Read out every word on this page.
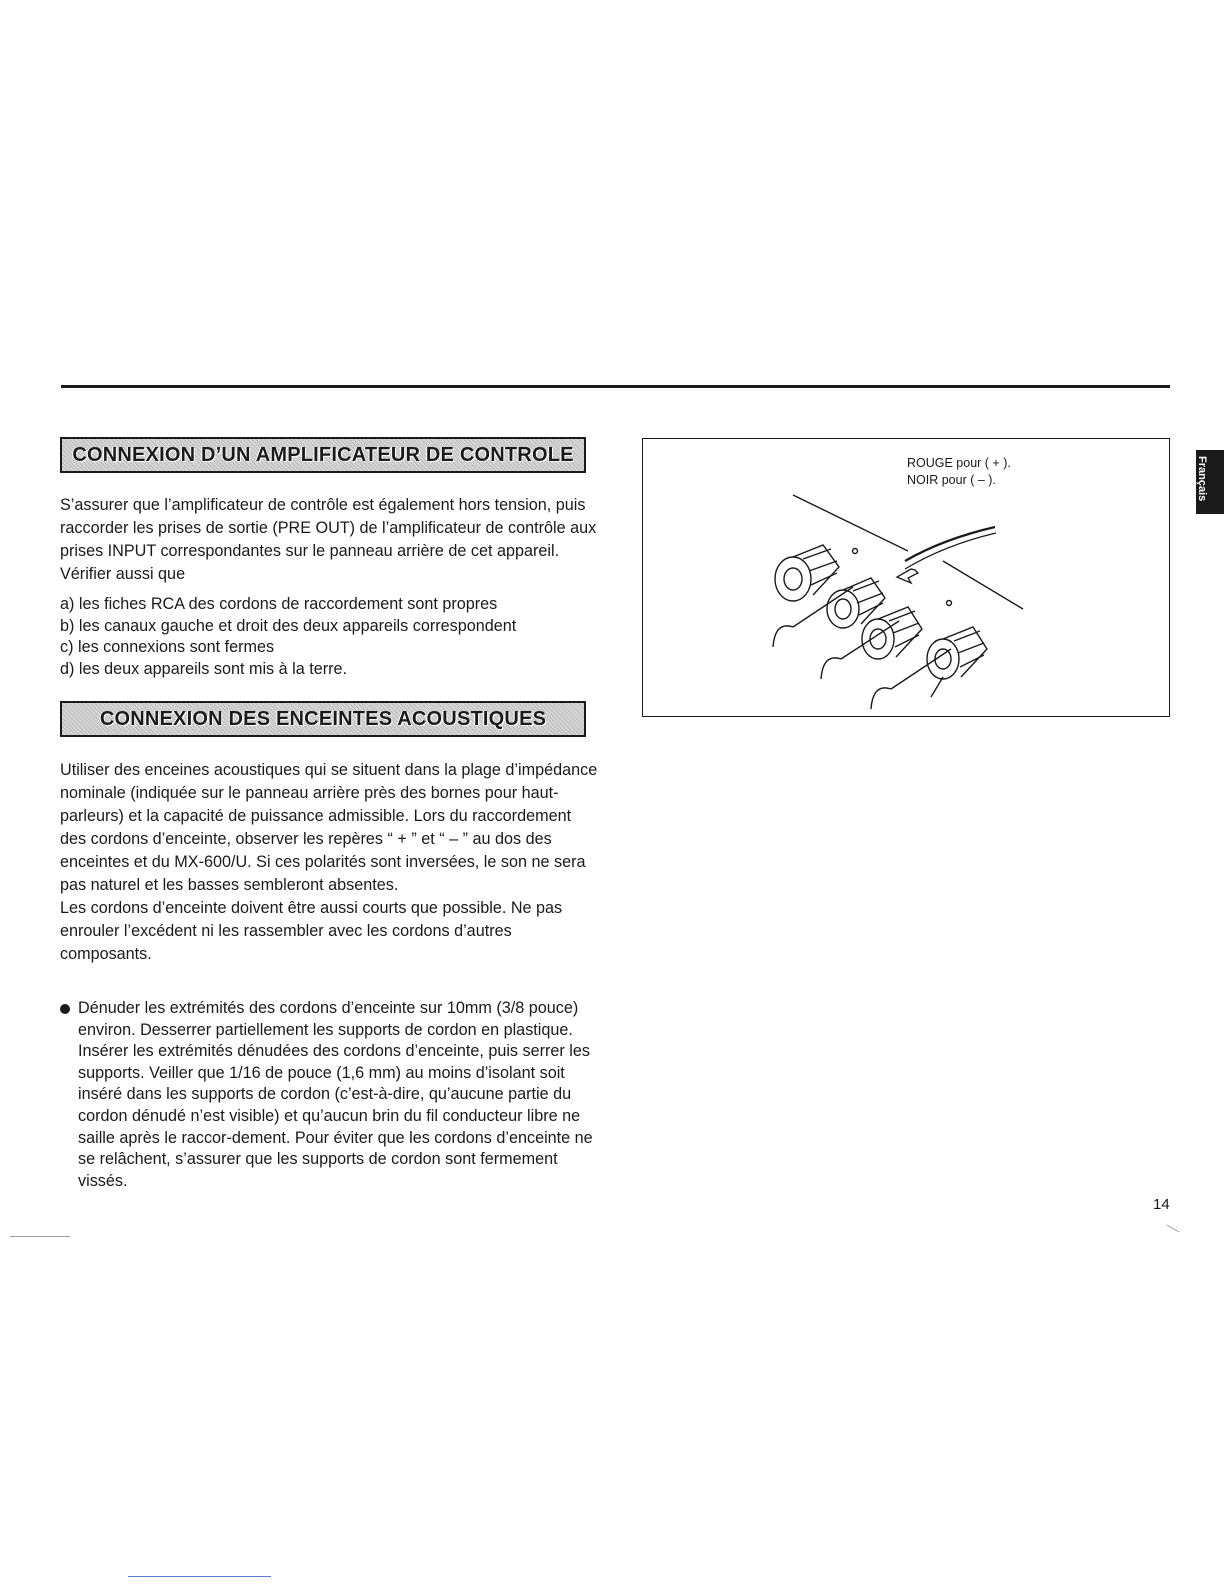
CONNEXION D’UN AMPLIFICATEUR DE CONTROLE

S’assurer que l’amplificateur de contrôle est également hors tension, puis raccorder les prises de sortie (PRE OUT) de l’amplificateur de contrôle aux prises INPUT correspondantes sur le panneau arrière de cet appareil. Vérifier aussi que

a) les fiches RCA des cordons de raccordement sont propres

b) les canaux gauche et droit des deux appareils correspondent

c) les connexions sont fermes

d) les deux appareils sont mis à la terre.

CONNEXION DES ENCEINTES ACOUSTIQUES

Utiliser des enceines acoustiques qui se situent dans la plage d’impédance nominale (indiquée sur le panneau arrière près des bornes pour haut-parleurs) et la capacité de puissance admissible. Lors du raccordement des cordons d’enceinte, observer les repères “ + ” et “ – ” au dos des enceintes et du MX-600/U. Si ces polarités sont inversées, le son ne sera pas naturel et les basses sembleront absentes.

Les cordons d’enceinte doivent être aussi courts que possible. Ne pas enrouler l’excédent ni les rassembler avec les cordons d’autres composants.

Dénuder les extrémités des cordons d’enceinte sur 10mm (3/8 pouce) environ. Desserrer partiellement les supports de cordon en plastique. Insérer les extrémités dénudées des cordons d’enceinte, puis serrer les supports. Veiller que 1/16 de pouce (1,6 mm) au moins d’isolant soit inséré dans les supports de cordon (c’est-à-dire, qu’aucune partie du cordon dénudé n’est visible) et qu’aucun brin du fil conducteur libre ne saille après le raccor-dement. Pour éviter que les cordons d’enceinte ne se relâchent, s’assurer que les supports de cordon sont fermement vissés.

ROUGE pour ( + ).
NOIR pour ( – ).	Français
14
